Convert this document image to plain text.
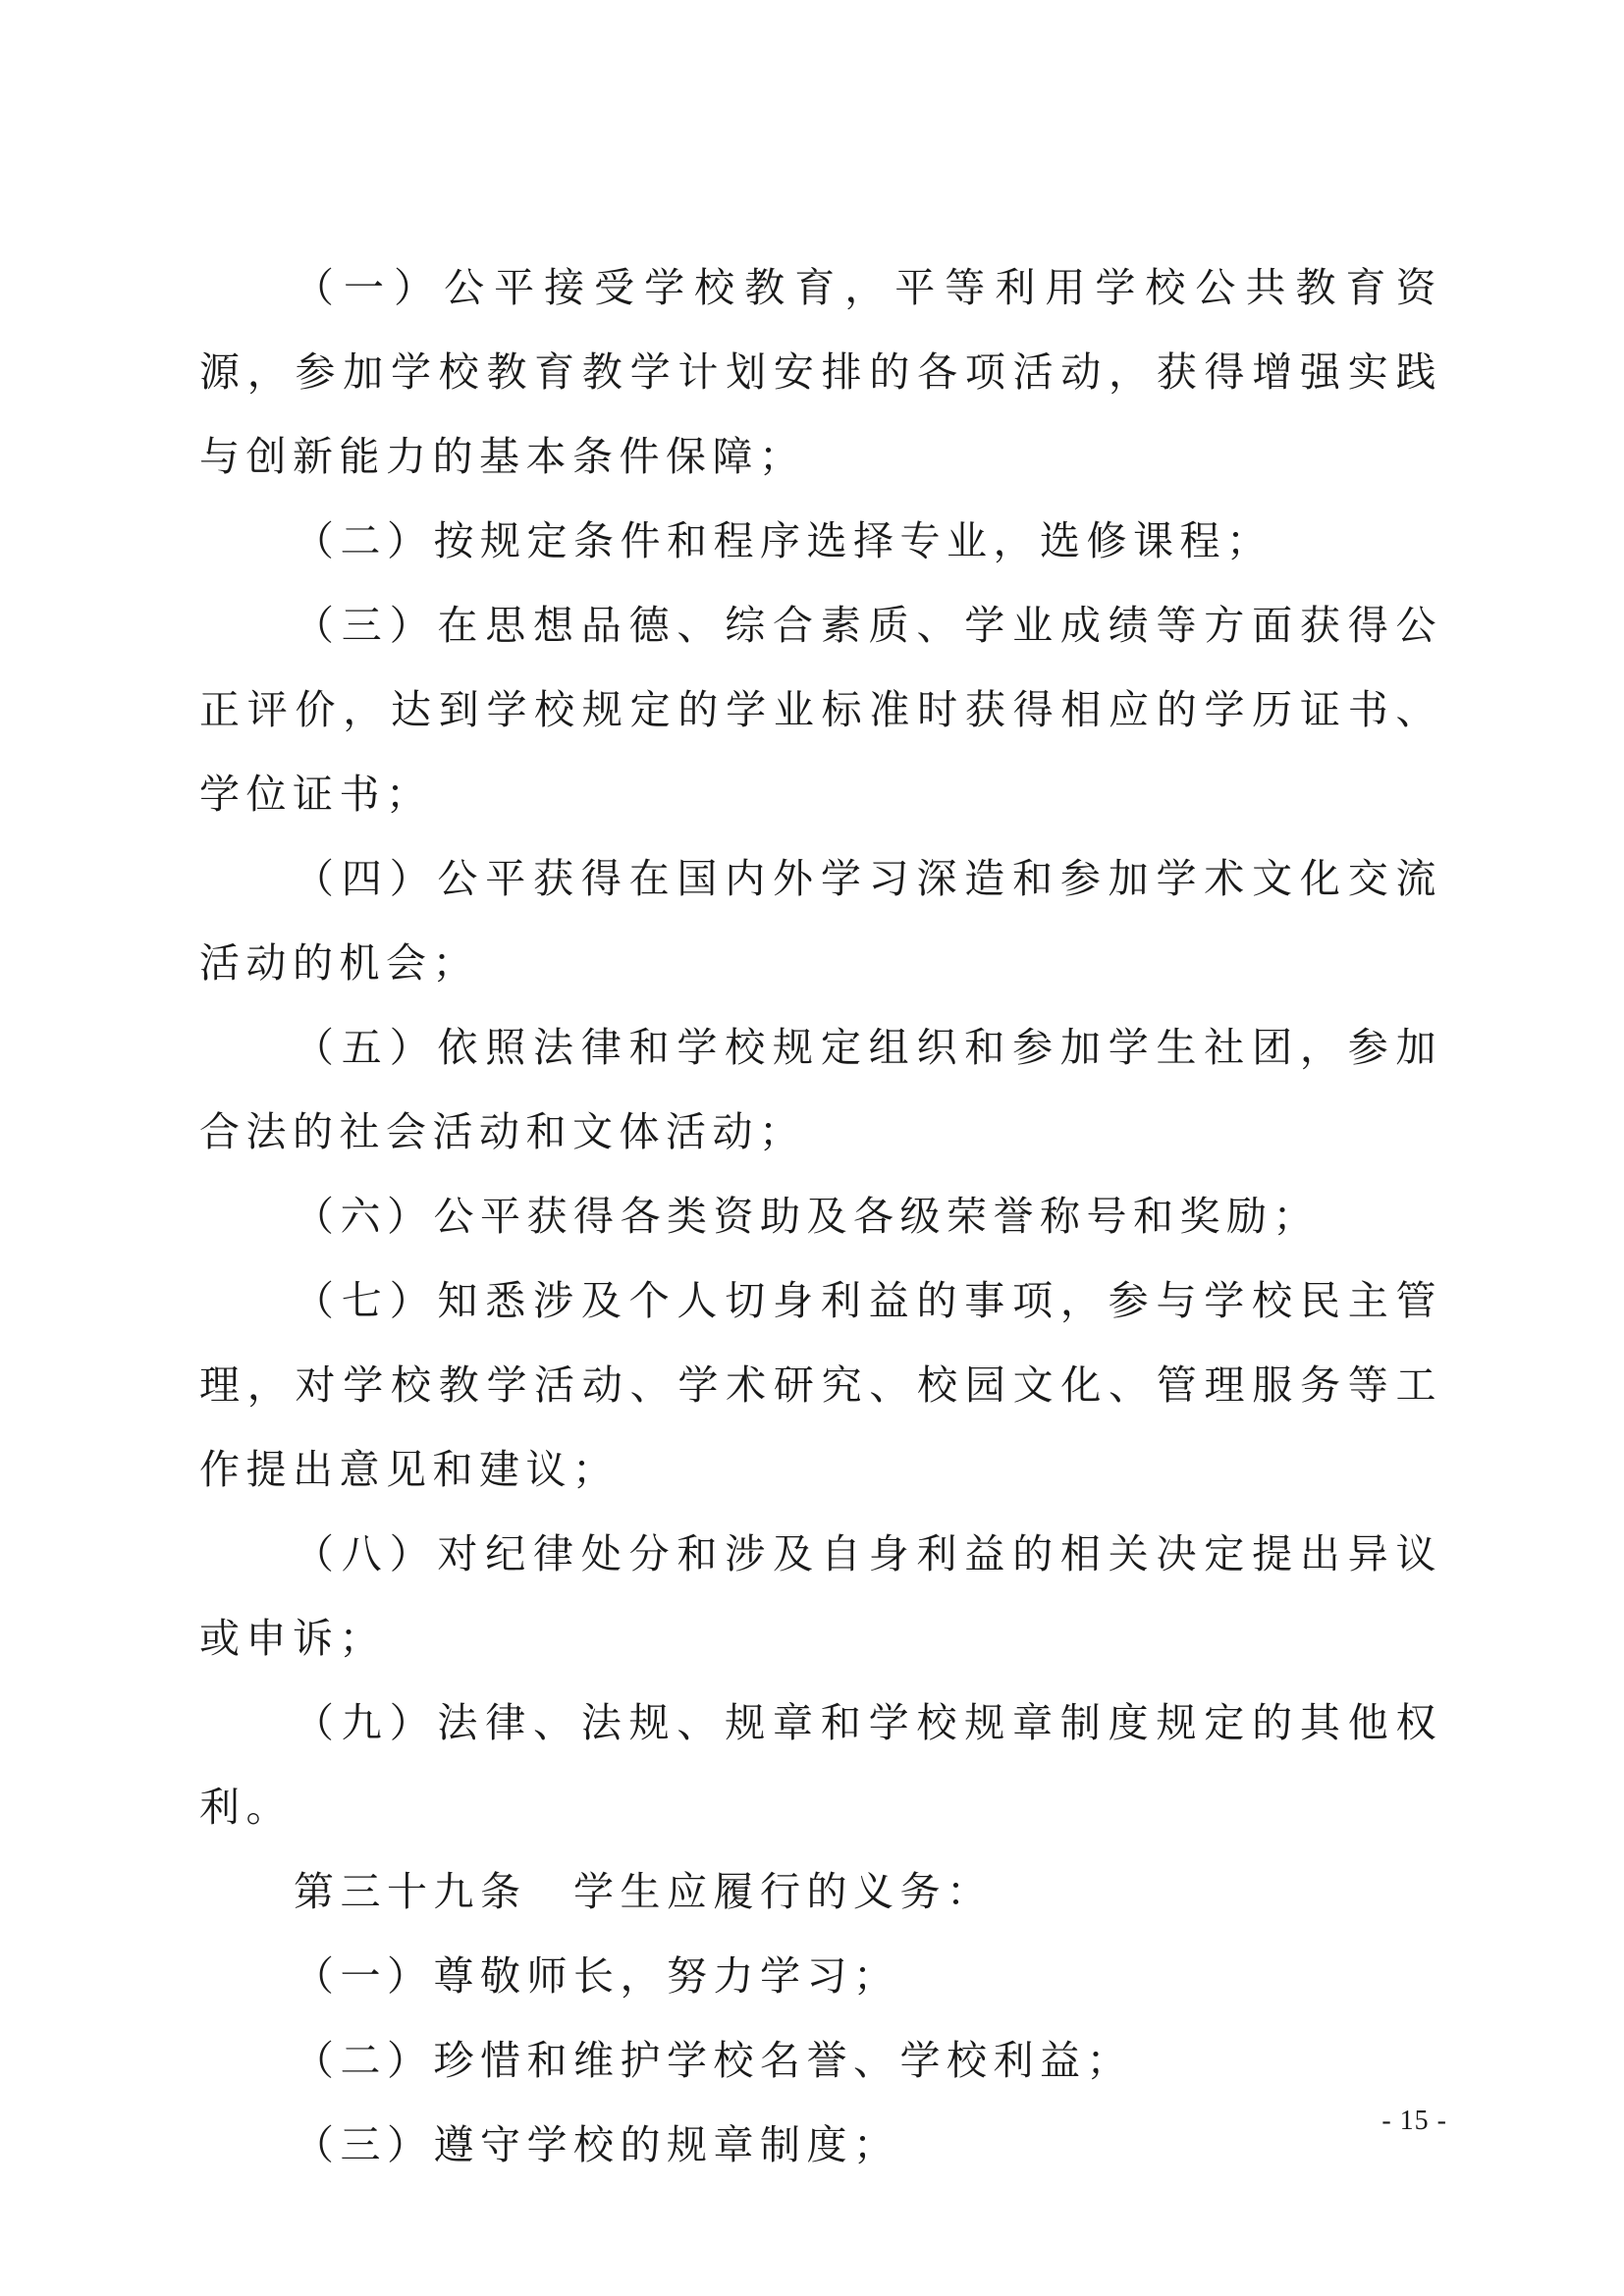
（一）公平接受学校教育，平等利用学校公共教育资源，参加学校教育教学计划安排的各项活动，获得增强实践与创新能力的基本条件保障；

（二）按规定条件和程序选择专业，选修课程；

（三）在思想品德、综合素质、学业成绩等方面获得公正评价，达到学校规定的学业标准时获得相应的学历证书、学位证书；

（四）公平获得在国内外学习深造和参加学术文化交流活动的机会；

（五）依照法律和学校规定组织和参加学生社团，参加合法的社会活动和文体活动；

（六）公平获得各类资助及各级荣誉称号和奖励；

（七）知悉涉及个人切身利益的事项，参与学校民主管理，对学校教学活动、学术研究、校园文化、管理服务等工作提出意见和建议；

（八）对纪律处分和涉及自身利益的相关决定提出异议或申诉；

（九）法律、法规、规章和学校规章制度规定的其他权利。

第三十九条　学生应履行的义务：

（一）尊敬师长，努力学习；

（二）珍惜和维护学校名誉、学校利益；

（三）遵守学校的规章制度；

- 15 -
